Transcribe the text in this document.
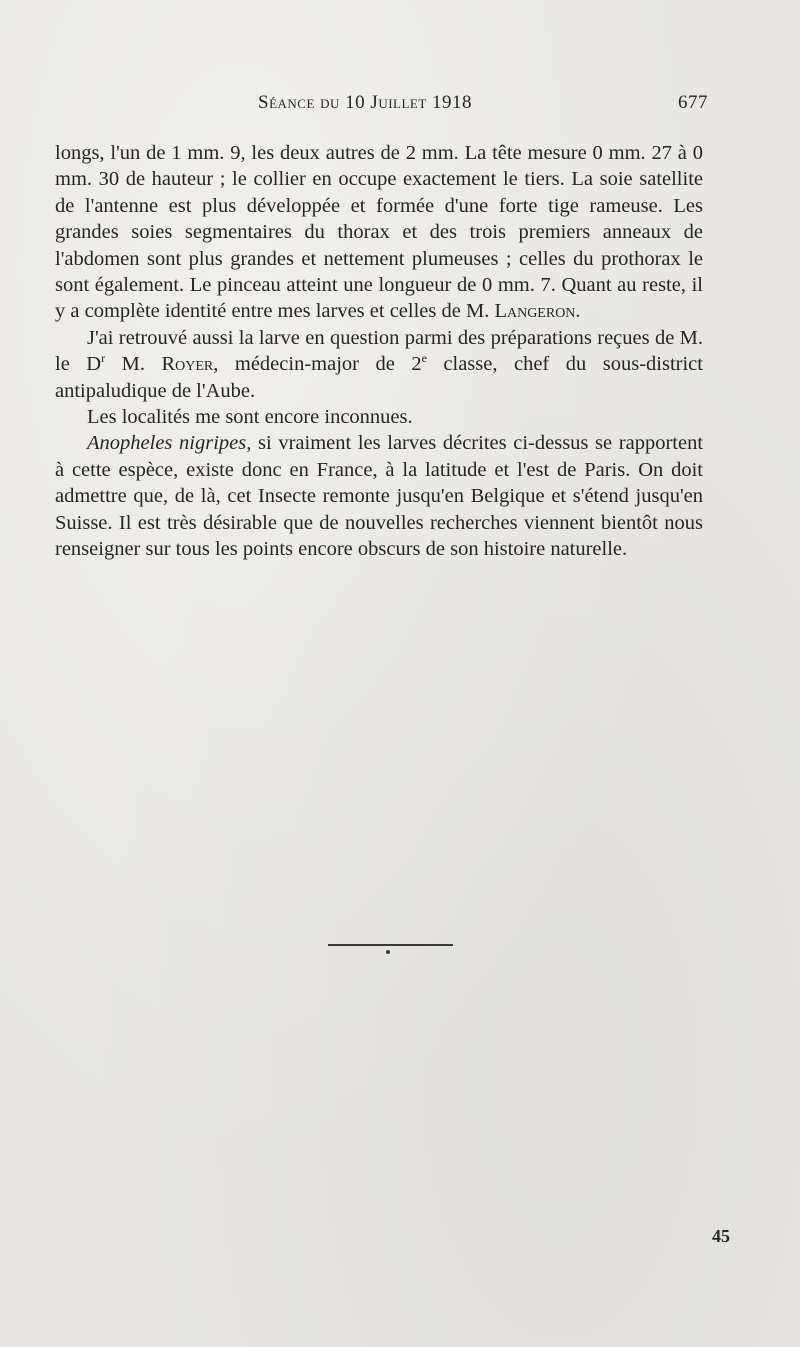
Séance du 10 Juillet 1918	677

longs, l'un de 1 mm. 9, les deux autres de 2 mm. La tête mesure 0 mm. 27 à 0 mm. 30 de hauteur ; le collier en occupe exactement le tiers. La soie satellite de l'antenne est plus développée et formée d'une forte tige rameuse. Les grandes soies segmentaires du thorax et des trois premiers anneaux de l'abdomen sont plus grandes et nettement plumeuses ; celles du prothorax le sont également. Le pinceau atteint une longueur de 0 mm. 7. Quant au reste, il y a complète identité entre mes larves et celles de M. Langeron.

J'ai retrouvé aussi la larve en question parmi des préparations reçues de M. le $D^r$ M. Royer, médecin-major de 2e classe, chef du sous-district antipaludique de l'Aube.

Les localités me sont encore inconnues.

Anopheles nigripes, si vraiment les larves décrites ci-dessus se rapportent à cette espèce, existe donc en France, à la latitude et l'est de Paris. On doit admettre que, de là, cet Insecte remonte jusqu'en Belgique et s'étend jusqu'en Suisse. Il est très désirable que de nouvelles recherches viennent bientôt nous renseigner sur tous les points encore obscurs de son histoire naturelle.

45
